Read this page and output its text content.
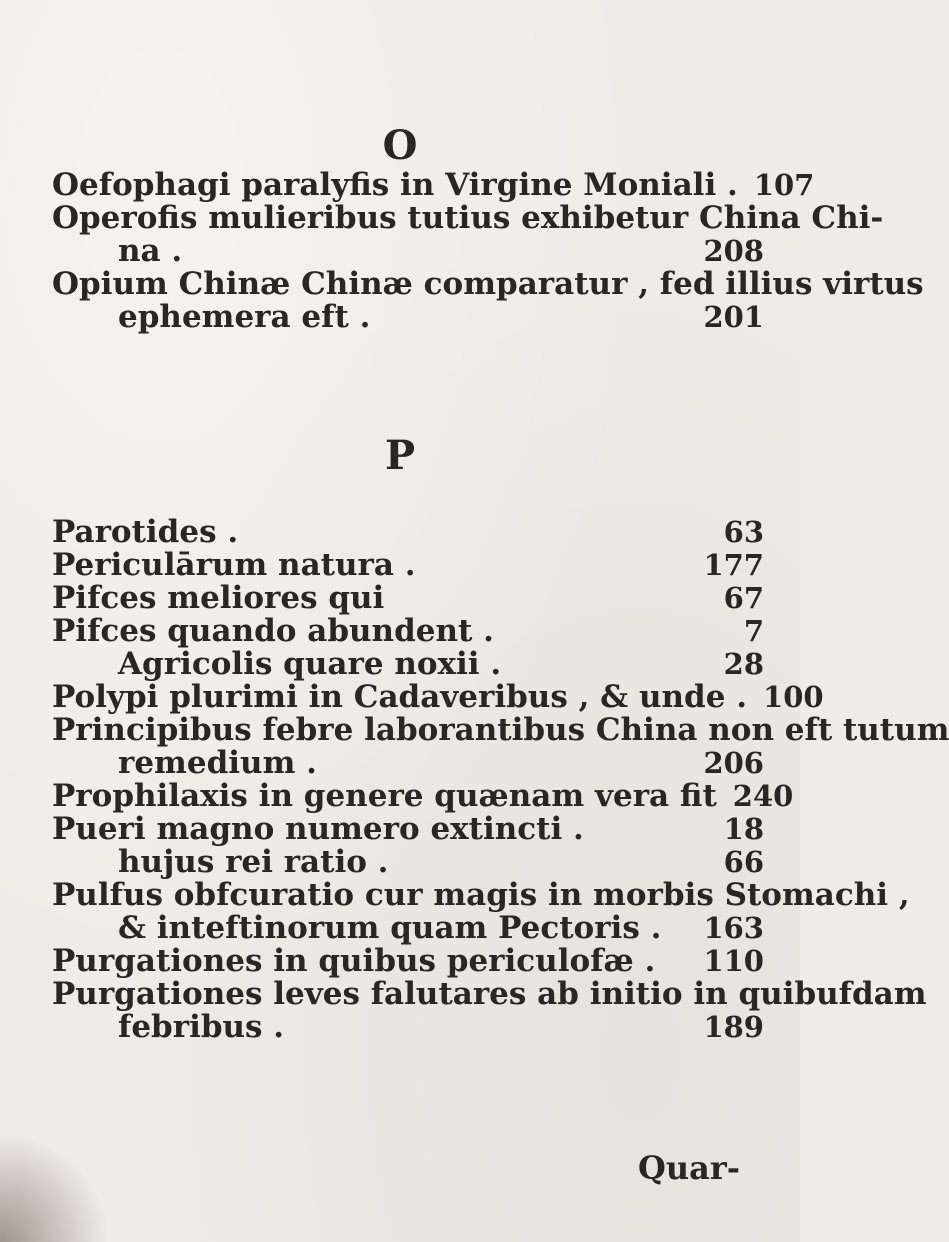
O
Oefophagi paralyfis in Virgine Moniali . 107
Operofis mulieribus tutius exhibetur China Chi-
na .	208
Opium Chinæ Chinæ comparatur , fed illius virtus
ephemera eft .	201
P
Parotides .	63
Periculārum natura .	177
Pifces meliores qui	67
Pifces quando abundent .	7
Agricolis quare noxii .	28
Polypi plurimi in Cadaveribus , & unde . 100
Principibus febre laborantibus China non eft tutum
remedium .	206
Prophilaxis in genere quænam vera fit 240
Pueri magno numero extincti .	18
hujus rei ratio .	66
Pulfus obfcuratio cur magis in morbis Stomachi ,
& inteftinorum quam Pectoris .	163
Purgationes in quibus periculofæ .	110
Purgationes leves falutares ab initio in quibufdam
febribus .	189
Quar-
